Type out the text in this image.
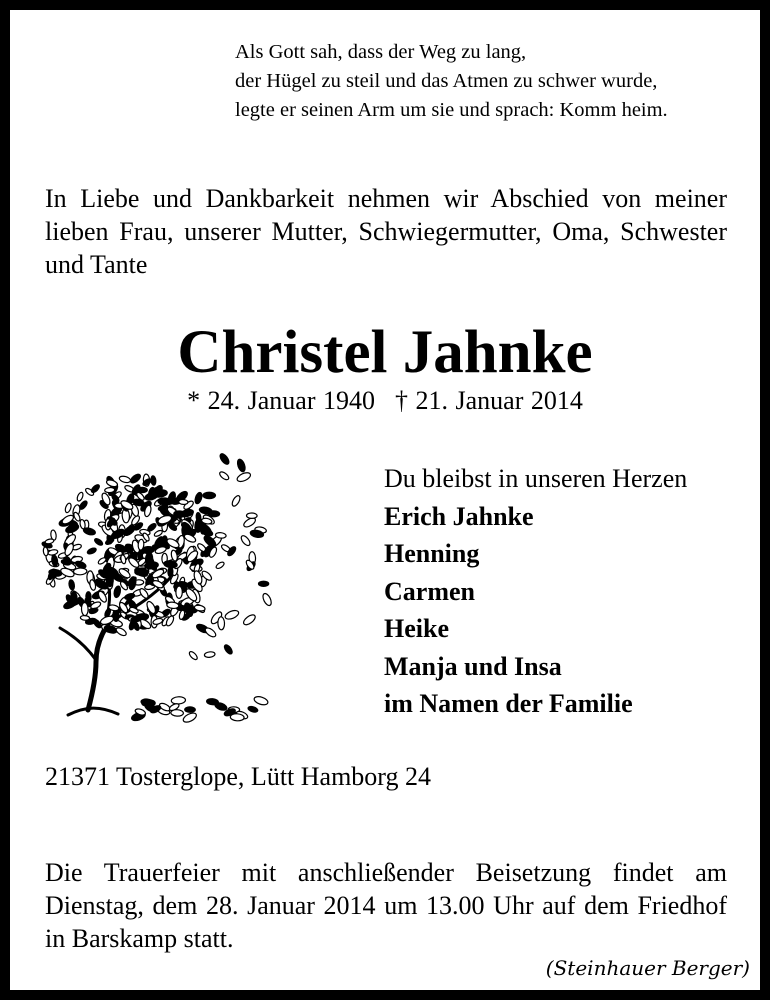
Als Gott sah, dass der Weg zu lang,
der Hügel zu steil und das Atmen zu schwer wurde,
legte er seinen Arm um sie und sprach: Komm heim.
In Liebe und Dankbarkeit nehmen wir Abschied von meiner lieben Frau, unserer Mutter, Schwiegermutter, Oma, Schwester und Tante
Christel Jahnke
* 24. Januar 1940 † 21. Januar 2014
Du bleibst in unseren Herzen
Erich Jahnke
Henning
Carmen
Heike
Manja und Insa
im Namen der Familie
21371 Tosterglope, Lütt Hamborg 24
Die Trauerfeier mit anschließender Beisetzung findet am Dienstag, dem 28. Januar 2014 um 13.00 Uhr auf dem Friedhof in Barskamp statt.
(Steinhauer Berger)
